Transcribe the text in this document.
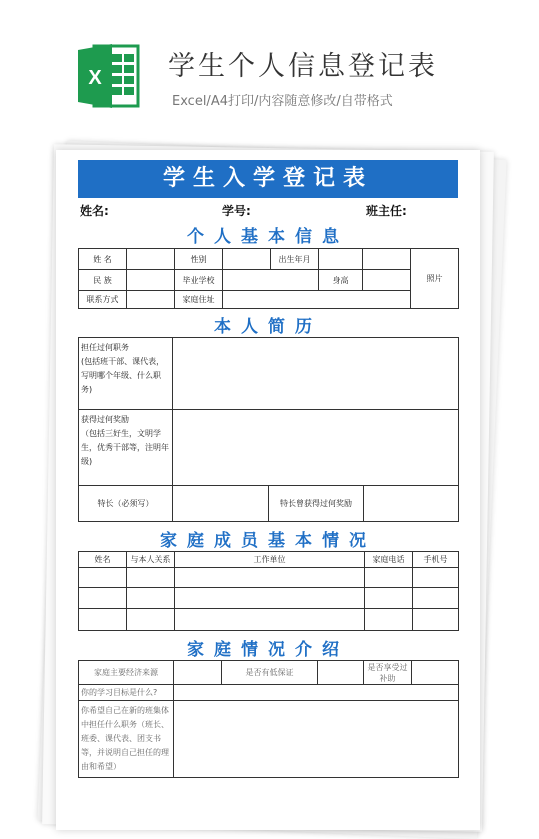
X 学生个人信息登记表
Excel/A4打印/内容随意修改/自带格式
学生入学登记表
姓名:	学号:	班主任:
个人基本信息
姓 名		性别		出生年月			照片
民 族		毕业学校			身高		
联系方式		家庭住址					
本人简历
担任过何职务
(包括班干部、课代表，写明哪个年级、什么职务)			
获得过何奖励
（包括三好生，文明学生，优秀干部等，注明年级)			
特长（必须写）		特长曾获得过何奖励	
家庭成员基本情况
姓名	与本人关系	工作单位	家庭电话	手机号

家庭情况介绍
家庭主要经济来源		是否有低保证		是否享受过补助	
你的学习目标是什么?					
你希望自己在新的班集体中担任什么职务（班长、班委、课代表、团支书等，并说明自己担任的理由和希望）					
